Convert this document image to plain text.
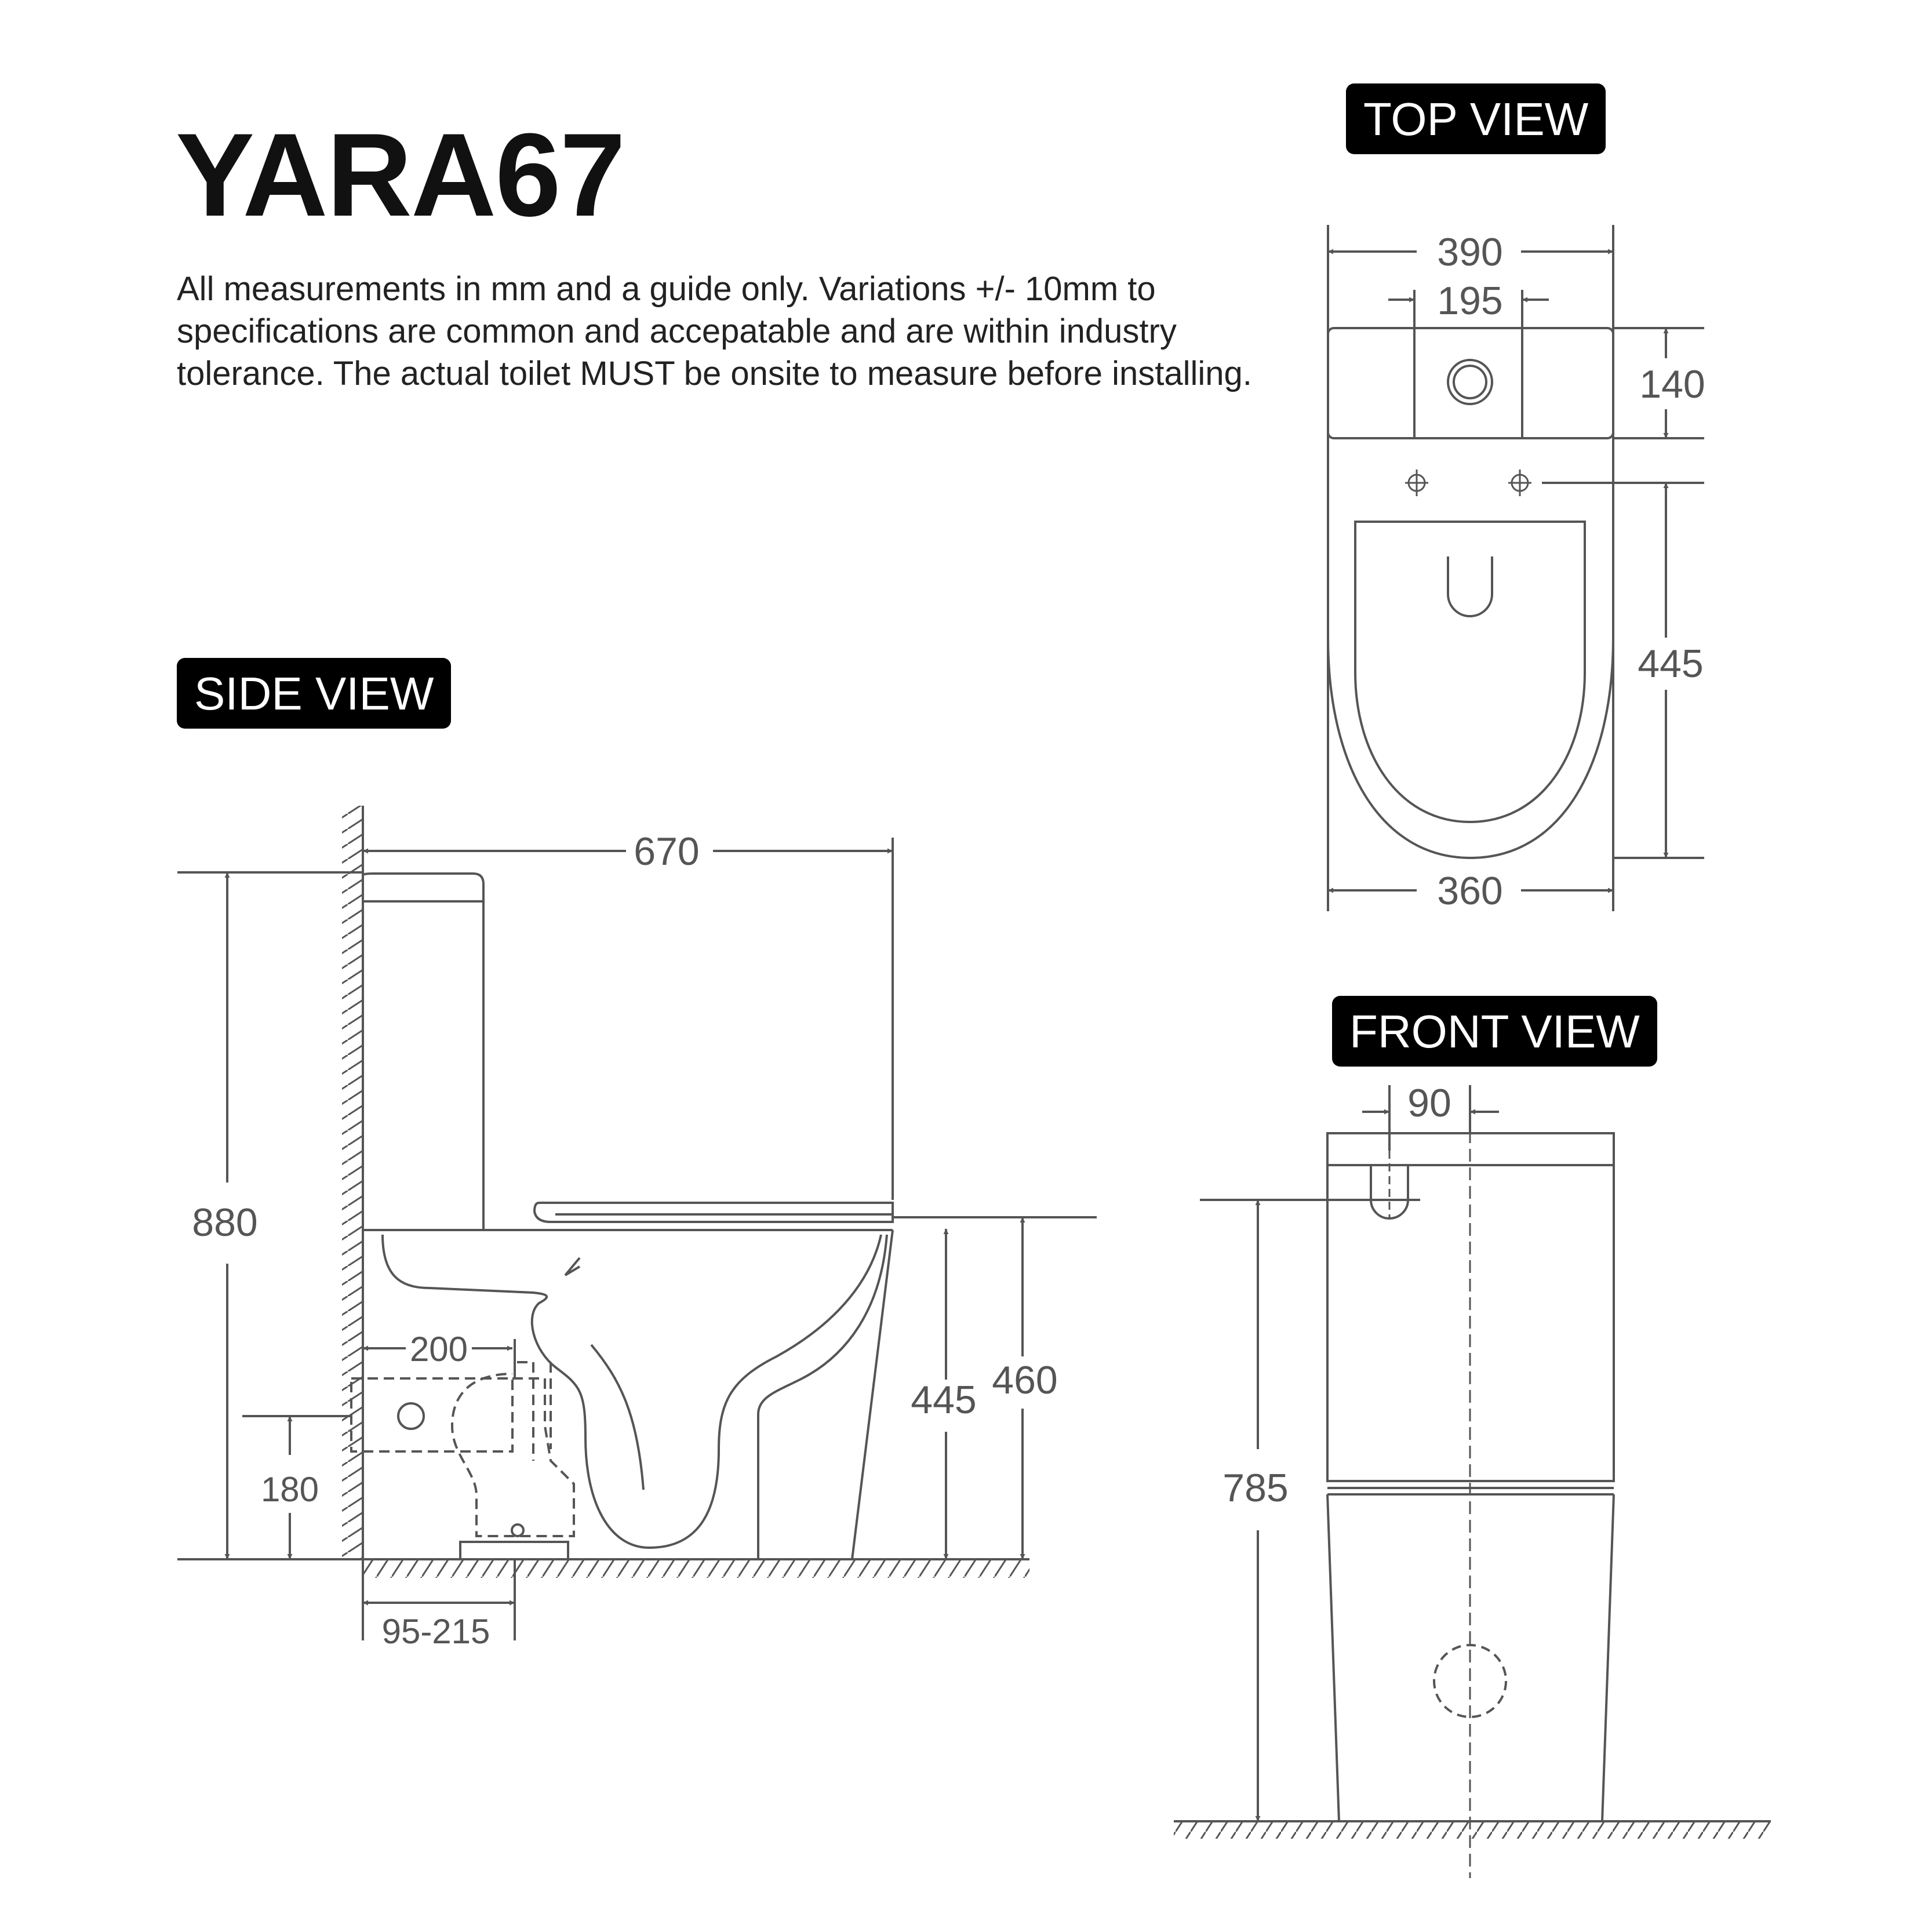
YARA67
All measurements in mm and a guide only. Variations +/- 10mm to specifications are common and accepatable and are within industry tolerance. The actual toilet MUST be onsite to measure before installing.
TOP VIEW
SIDE VIEW
FRONT VIEW
390
195
140
445
360
670
880
180
200
445 460
95-215
90
785
